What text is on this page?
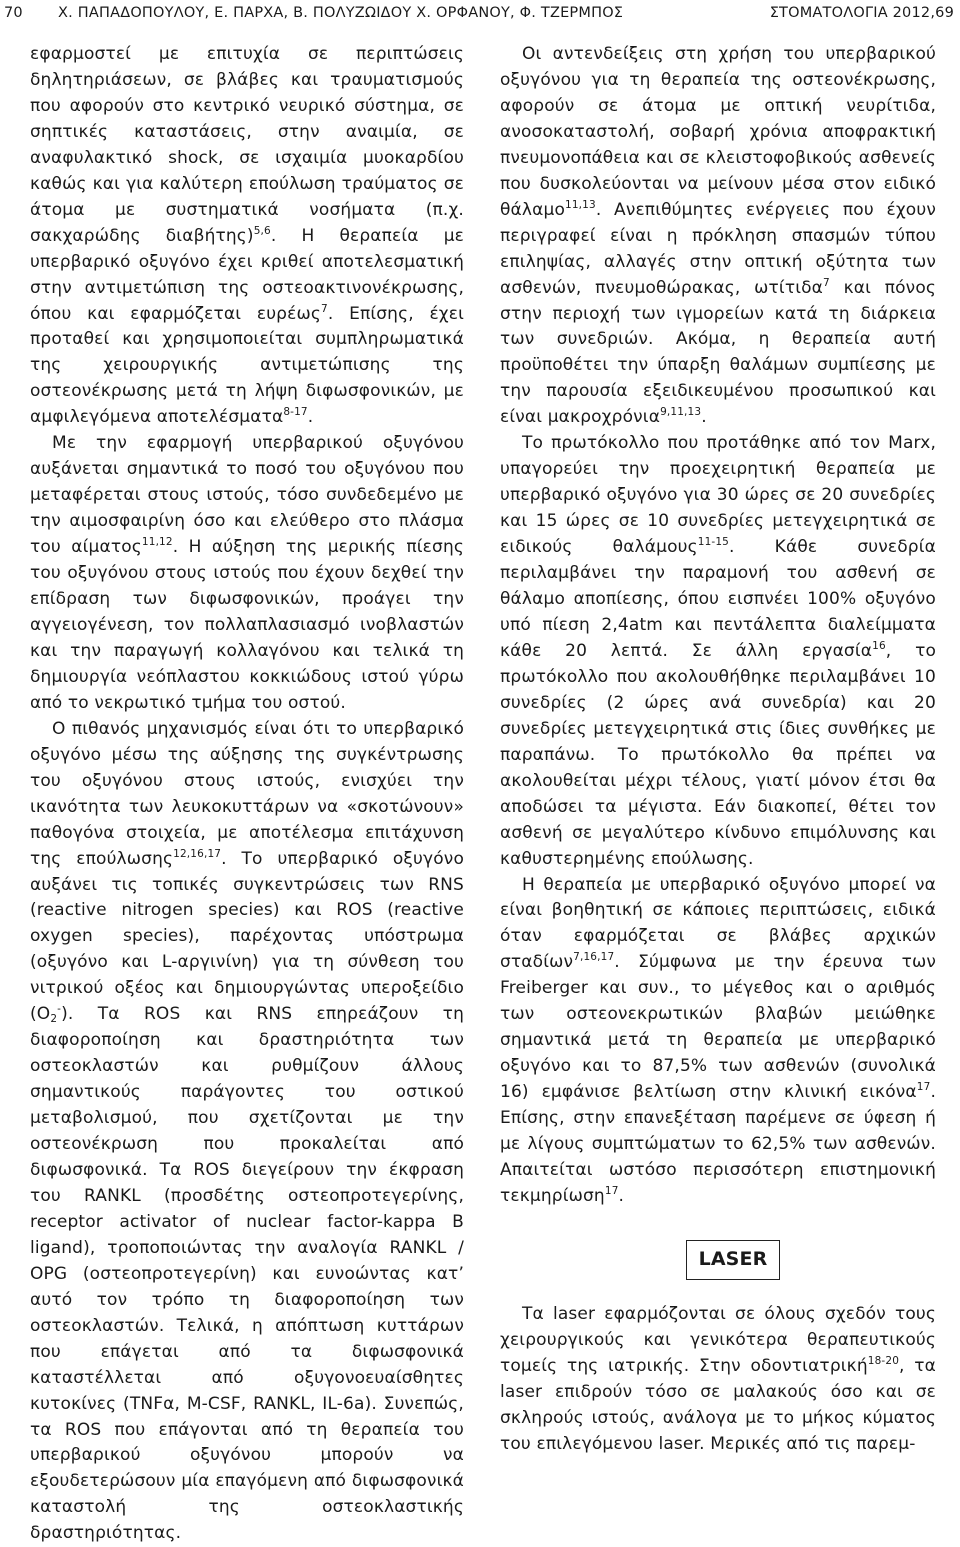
70 Χ. ΠΑΠΑΔΟΠΟΥΛΟΥ, Ε. ΠΑΡΧΑ, Β. ΠΟΛΥΖΩΙΔΟΥ Χ. ΟΡΦΑΝΟΥ, Φ. ΤΖΕΡΜΠΟΣ	ΣΤΟΜΑΤΟΛΟΓΙΑ 2012,69

εφαρμοστεί με επιτυχία σε περιπτώσεις δηλητηριάσεων, σε βλάβες και τραυματισμούς που αφορούν στο κεντρικό νευρικό σύστημα, σε σηπτικές καταστάσεις, στην αναιμία, σε αναφυλακτικό shock, σε ισχαιμία μυοκαρδίου καθώς και για καλύτερη επούλωση τραύματος σε άτομα με συστηματικά νοσήματα (π.χ. σακχαρώδης διαβήτης)$^{5,6}$. Η θεραπεία με υπερβαρικό οξυγόνο έχει κριθεί αποτελεσματική στην αντιμετώπιση της οστεοακτινονέκρωσης, όπου και εφαρμόζεται ευρέως$^7$. Επίσης, έχει προταθεί και χρησιμοποιείται συμπληρωματικά της χειρουργικής αντιμετώπισης της οστεονέκρωσης μετά τη λήψη διφωσφονικών, με αμφιλεγόμενα αποτελέσματα$^{8-17}$.

Με την εφαρμογή υπερβαρικού οξυγόνου αυξάνεται σημαντικά το ποσό του οξυγόνου που μεταφέρεται στους ιστούς, τόσο συνδεδεμένο με την αιμοσφαιρίνη όσο και ελεύθερο στο πλάσμα του αίματος$^{11,12}$. Η αύξηση της μερικής πίεσης του οξυγόνου στους ιστούς που έχουν δεχθεί την επίδραση των διφωσφονικών, προάγει την αγγειογένεση, τον πολλαπλασιασμό ινοβλαστών και την παραγωγή κολλαγόνου και τελικά τη δημιουργία νεόπλαστου κοκκιώδους ιστού γύρω από το νεκρωτικό τμήμα του οστού.

Ο πιθανός μηχανισμός είναι ότι το υπερβαρικό οξυγόνο μέσω της αύξησης της συγκέντρωσης του οξυγόνου στους ιστούς, ενισχύει την ικανότητα των λευκοκυττάρων να «σκοτώνουν» παθογόνα στοιχεία, με αποτέλεσμα επιτάχυνση της επούλωσης$^{12,16,17}$. Το υπερβαρικό οξυγόνο αυξάνει τις τοπικές συγκεντρώσεις των RNS (reactive nitrogen species) και ROS (reactive oxygen species), παρέχοντας υπόστρωμα (οξυγόνο και L-αργινίνη) για τη σύνθεση του νιτρικού οξέος και δημιουργώντας υπεροξείδιο $(O_2^-)$. Τα ROS και RNS επηρεάζουν τη διαφοροποίηση και δραστηριότητα των οστεοκλαστών και ρυθμίζουν άλλους σημαντικούς παράγοντες του οστικού μεταβολισμού, που σχετίζονται με την οστεονέκρωση που προκαλείται από διφωσφονικά. Τα ROS διεγείρουν την έκφραση του RANKL (προσδέτης οστεοπροτεγερίνης, receptor activator of nuclear factor-kappa B ligand), τροποποιώντας την αναλογία RANKL / OPG (οστεοπροτεγερίνη) και ευνοώντας κατ’ αυτό τον τρόπο τη διαφοροποίηση των οστεοκλαστών. Τελικά, η απόπτωση κυττάρων που επάγεται από τα διφωσφονικά καταστέλλεται από οξυγονοευαίσθητες κυτοκίνες (TNFα, M-CSF, RANKL, IL-6a). Συνεπώς, τα ROS που επάγονται από τη θεραπεία του υπερβαρικού οξυγόνου μπορούν να εξουδετερώσουν μία επαγόμενη από διφωσφονικά καταστολή της οστεοκλαστικής δραστηριότητας.

Οι αντενδείξεις στη χρήση του υπερβαρικού οξυγόνου για τη θεραπεία της οστεονέκρωσης, αφορούν σε άτομα με οπτική νευρίτιδα, ανοσοκαταστολή, σοβαρή χρόνια αποφρακτική πνευμονοπάθεια και σε κλειστοφοβικούς ασθενείς που δυσκολεύονται να μείνουν μέσα στον ειδικό θάλαμο$^{11,13}$. Ανεπιθύμητες ενέργειες που έχουν περιγραφεί είναι η πρόκληση σπασμών τύπου επιληψίας, αλλαγές στην οπτική οξύτητα των ασθενών, πνευμοθώρακας, ωτίτιδα$^7$ και πόνος στην περιοχή των ιγμορείων κατά τη διάρκεια των συνεδριών. Ακόμα, η θεραπεία αυτή προϋποθέτει την ύπαρξη θαλάμων συμπίεσης με την παρουσία εξειδικευμένου προσωπικού και είναι μακροχρόνια$^{9,11,13}$.

Το πρωτόκολλο που προτάθηκε από τον Marx, υπαγορεύει την προεχειρητική θεραπεία με υπερβαρικό οξυγόνο για 30 ώρες σε 20 συνεδρίες και 15 ώρες σε 10 συνεδρίες μετεγχειρητικά σε ειδικούς θαλάμους$^{11-15}$. Κάθε συνεδρία περιλαμβάνει την παραμονή του ασθενή σε θάλαμο αποπίεσης, όπου εισπνέει 100% οξυγόνο υπό πίεση 2,4atm και πεντάλεπτα διαλείμματα κάθε 20 λεπτά. Σε άλλη εργασία$^{16}$, το πρωτόκολλο που ακολουθήθηκε περιλαμβάνει 10 συνεδρίες (2 ώρες ανά συνεδρία) και 20 συνεδρίες μετεγχειρητικά στις ίδιες συνθήκες με παραπάνω. Το πρωτόκολλο θα πρέπει να ακολουθείται μέχρι τέλους, γιατί μόνον έτσι θα αποδώσει τα μέγιστα. Εάν διακοπεί, θέτει τον ασθενή σε μεγαλύτερο κίνδυνο επιμόλυνσης και καθυστερημένης επούλωσης.

Η θεραπεία με υπερβαρικό οξυγόνο μπορεί να είναι βοηθητική σε κάποιες περιπτώσεις, ειδικά όταν εφαρμόζεται σε βλάβες αρχικών σταδίων$^{7,16,17}$. Σύμφωνα με την έρευνα των Freiberger και συν., το μέγεθος και ο αριθμός των οστεονεκρωτικών βλαβών μειώθηκε σημαντικά μετά τη θεραπεία με υπερβαρικό οξυγόνο και το 87,5% των ασθενών (συνολικά 16) εμφάνισε βελτίωση στην κλινική εικόνα$^{17}$. Επίσης, στην επανεξέταση παρέμενε σε ύφεση ή με λίγους συμπτώματων το 62,5% των ασθενών. Απαιτείται ωστόσο περισσότερη επιστημονική τεκμηρίωση$^{17}$.

LASER

Τα laser εφαρμόζονται σε όλους σχεδόν τους χειρουργικούς και γενικότερα θεραπευτικούς τομείς της ιατρικής. Στην οδοντιατρική$^{18-20}$, τα laser επιδρούν τόσο σε μαλακούς όσο και σε σκληρούς ιστούς, ανάλογα με το μήκος κύματος του επιλεγόμενου laser. Μερικές από τις παρεμ-
